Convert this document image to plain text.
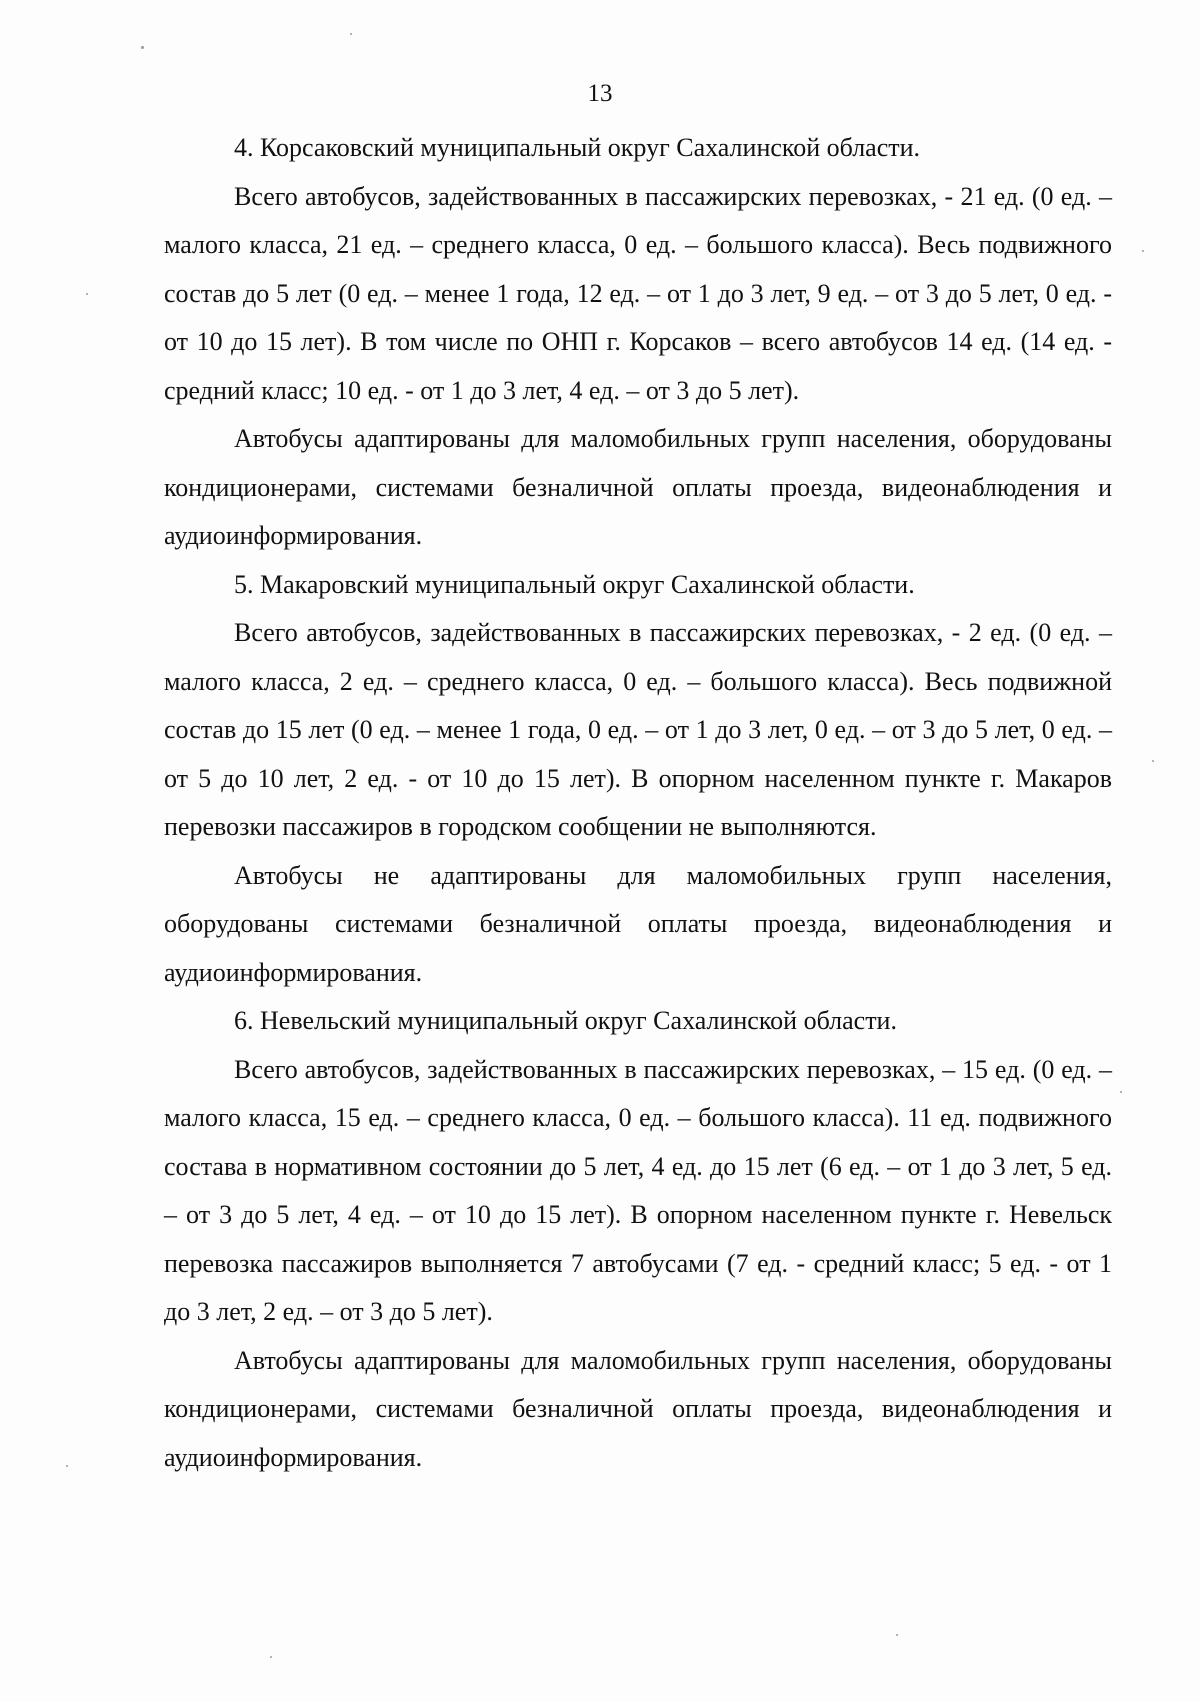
13

4. Корсаковский муниципальный округ Сахалинской области.

Всего автобусов, задействованных в пассажирских перевозках, - 21 ед. (0 ед. – малого класса, 21 ед. – среднего класса, 0 ед. – большого класса). Весь подвижного состав до 5 лет (0 ед. – менее 1 года, 12 ед. – от 1 до 3 лет, 9 ед. – от 3 до 5 лет, 0 ед. - от 10 до 15 лет). В том числе по ОНП г. Корсаков – всего автобусов 14 ед. (14 ед. - средний класс; 10 ед. - от 1 до 3 лет, 4 ед. – от 3 до 5 лет).

Автобусы адаптированы для маломобильных групп населения, оборудованы кондиционерами, системами безналичной оплаты проезда, видеонаблюдения и аудиоинформирования.

5. Макаровский муниципальный округ Сахалинской области.

Всего автобусов, задействованных в пассажирских перевозках, - 2 ед. (0 ед. – малого класса, 2 ед. – среднего класса, 0 ед. – большого класса). Весь подвижной состав до 15 лет (0 ед. – менее 1 года, 0 ед. – от 1 до 3 лет, 0 ед. – от 3 до 5 лет, 0 ед. – от 5 до 10 лет, 2 ед. - от 10 до 15 лет). В опорном населенном пункте г. Макаров перевозки пассажиров в городском сообщении не выполняются.

Автобусы не адаптированы для маломобильных групп населения, оборудованы системами безналичной оплаты проезда, видеонаблюдения и аудиоинформирования.

6. Невельский муниципальный округ Сахалинской области.

Всего автобусов, задействованных в пассажирских перевозках, – 15 ед. (0 ед. – малого класса, 15 ед. – среднего класса, 0 ед. – большого класса). 11 ед. подвижного состава в нормативном состоянии до 5 лет, 4 ед. до 15 лет (6 ед. – от 1 до 3 лет, 5 ед. – от 3 до 5 лет, 4 ед. – от 10 до 15 лет). В опорном населенном пункте г. Невельск перевозка пассажиров выполняется 7 автобусами (7 ед. - средний класс; 5 ед. - от 1 до 3 лет, 2 ед. – от 3 до 5 лет).

Автобусы адаптированы для маломобильных групп населения, оборудованы кондиционерами, системами безналичной оплаты проезда, видеонаблюдения и аудиоинформирования.
